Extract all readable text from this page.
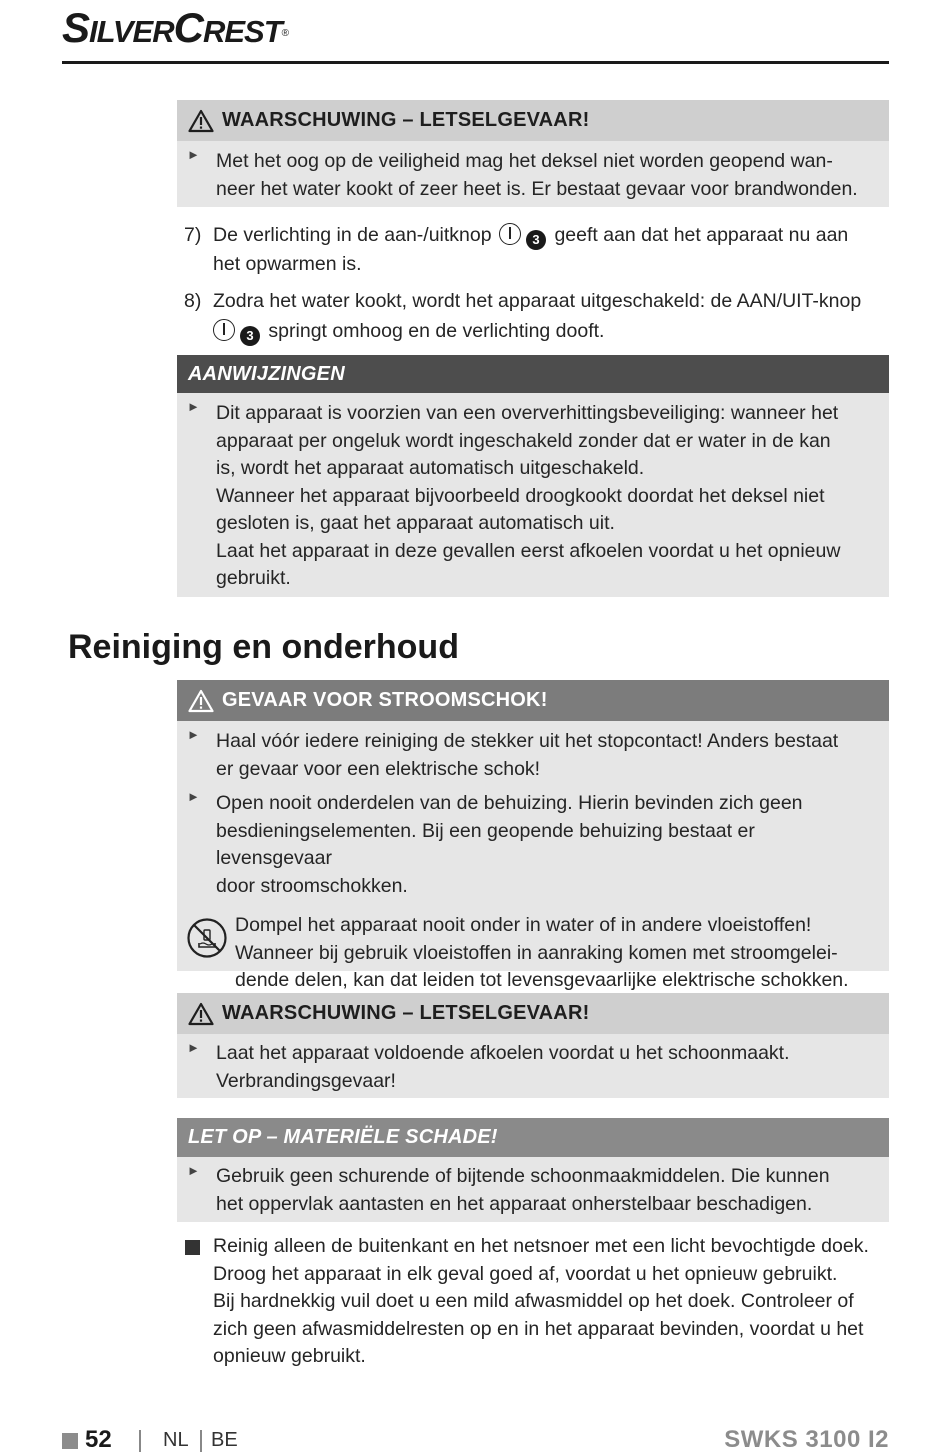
SILVERCREST®
WAARSCHUWING – LETSELGEVAAR!
► Met het oog op de veiligheid mag het deksel niet worden geopend wan-
neer het water kookt of zeer heet is. Er bestaat gevaar voor brandwonden.
7) De verlichting in de aan-/uitknop	3 geeft aan dat het apparaat nu aan
het opwarmen is.
8) Zodra het water kookt, wordt het apparaat uitgeschakeld: de AAN/UIT-knop
3 springt omhoog en de verlichting dooft.
AANWIJZINGEN
► Dit apparaat is voorzien van een oververhittingsbeveiliging: wanneer het
apparaat per ongeluk wordt ingeschakeld zonder dat er water in de kan
is, wordt het apparaat automatisch uitgeschakeld.
Wanneer het apparaat bijvoorbeeld droogkookt doordat het deksel niet
gesloten is, gaat het apparaat automatisch uit.
Laat het apparaat in deze gevallen eerst afkoelen voordat u het opnieuw
gebruikt.
Reiniging en onderhoud
GEVAAR VOOR STROOMSCHOK!
► Haal vóór iedere reiniging de stekker uit het stopcontact! Anders bestaat
er gevaar voor een elektrische schok!
► Open nooit onderdelen van de behuizing. Hierin bevinden zich geen
besdieningselementen. Bij een geopende behuizing bestaat er levensgevaar
door stroomschokken.
Dompel het apparaat nooit onder in water of in andere vloeistoffen!
Wanneer bij gebruik vloeistoffen in aanraking komen met stroomgelei-
dende delen, kan dat leiden tot levensgevaarlijke elektrische schokken.
WAARSCHUWING – LETSELGEVAAR!
► Laat het apparaat voldoende afkoelen voordat u het schoonmaakt.
Verbrandingsgevaar!
LET OP – MATERIËLE SCHADE!
► Gebruik geen schurende of bijtende schoonmaakmiddelen. Die kunnen
het oppervlak aantasten en het apparaat onherstelbaar beschadigen.
Reinig alleen de buitenkant en het netsnoer met een licht bevochtigde doek.
Droog het apparaat in elk geval goed af, voordat u het opnieuw gebruikt.
Bij hardnekkig vuil doet u een mild afwasmiddel op het doek. Controleer of
zich geen afwasmiddelresten op en in het apparaat bevinden, voordat u het
opnieuw gebruikt.
52	NL BE	SWKS 3100 I2
